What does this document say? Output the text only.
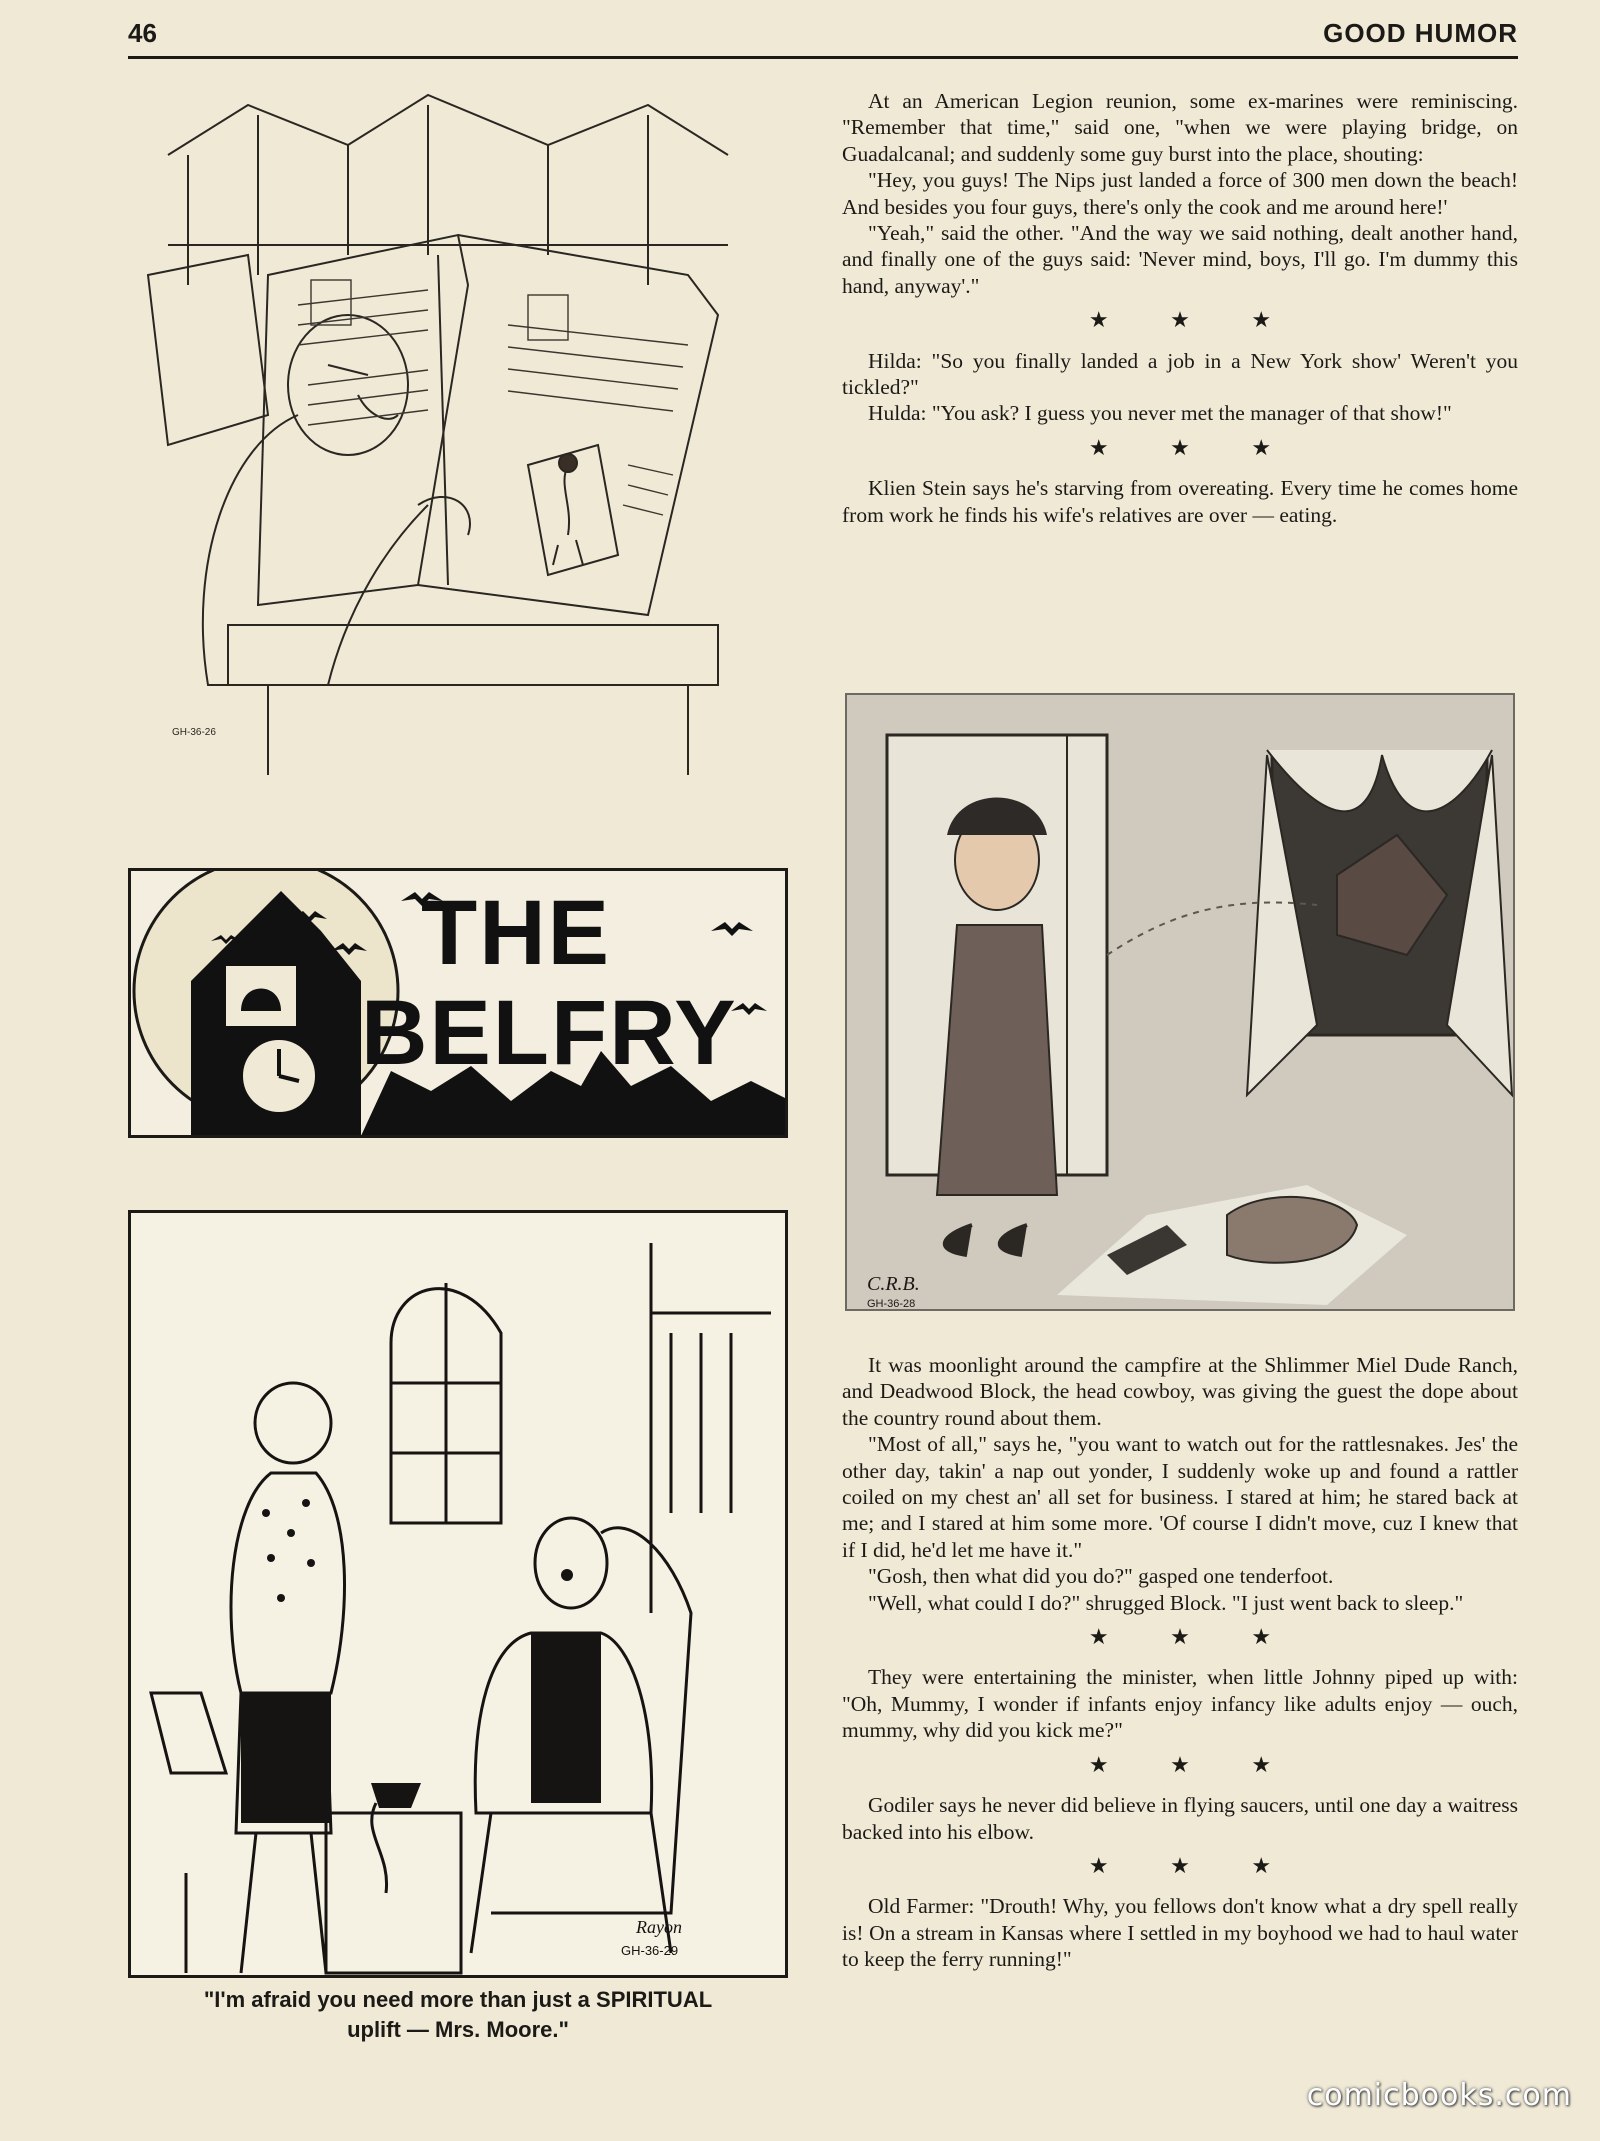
46	GOOD HUMOR
GH-36-26
THE
BELFRY
Rayon
GH-36-29
"I'm afraid you need more than just a SPIRITUAL
uplift — Mrs. Moore."
C.R.B.
GH-36-28

At an American Legion reunion, some ex-marines were reminiscing. "Remember that time," said one, "when we were playing bridge, on Guadalcanal; and suddenly some guy burst into the place, shouting:

"Hey, you guys! The Nips just landed a force of 300 men down the beach! And besides you four guys, there's only the cook and me around here!'

"Yeah," said the other. "And the way we said nothing, dealt another hand, and finally one of the guys said: 'Never mind, boys, I'll go. I'm dummy this hand, anyway'."

★ ★ ★

Hilda: "So you finally landed a job in a New York show' Weren't you tickled?"

Hulda: "You ask? I guess you never met the manager of that show!"

★ ★ ★

Klien Stein says he's starving from overeating. Every time he comes home from work he finds his wife's relatives are over — eating.

It was moonlight around the campfire at the Shlimmer Miel Dude Ranch, and Deadwood Block, the head cowboy, was giving the guest the dope about the country round about them.

"Most of all," says he, "you want to watch out for the rattlesnakes. Jes' the other day, takin' a nap out yonder, I suddenly woke up and found a rattler coiled on my chest an' all set for business. I stared at him; he stared back at me; and I stared at him some more. 'Of course I didn't move, cuz I knew that if I did, he'd let me have it."

"Gosh, then what did you do?" gasped one tenderfoot.

"Well, what could I do?" shrugged Block. "I just went back to sleep."

★ ★ ★

They were entertaining the minister, when little Johnny piped up with: "Oh, Mummy, I wonder if infants enjoy infancy like adults enjoy — ouch, mummy, why did you kick me?"

★ ★ ★

Godiler says he never did believe in flying saucers, until one day a waitress backed into his elbow.

★ ★ ★

Old Farmer: "Drouth! Why, you fellows don't know what a dry spell really is! On a stream in Kansas where I settled in my boyhood we had to haul water to keep the ferry running!"

comicbooks.com
